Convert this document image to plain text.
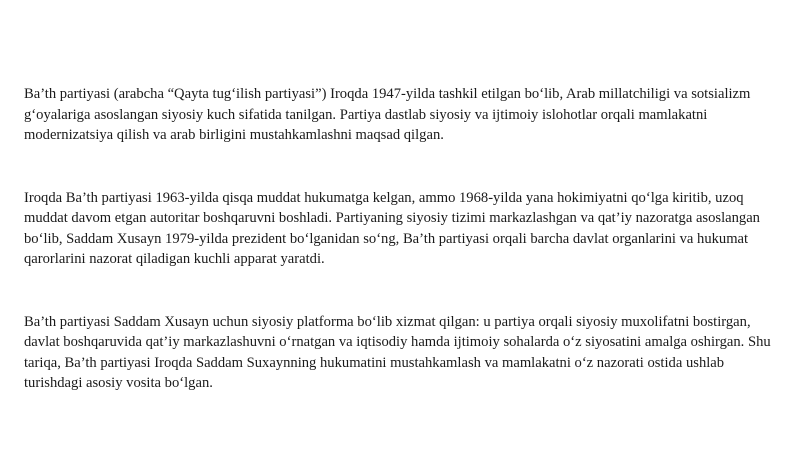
Ba’th partiyasi (arabcha “Qayta tug‘ilish partiyasi”) Iroqda 1947-yilda tashkil etilgan bo‘lib, Arab millatchiligi va sotsializm g‘oyalariga asoslangan siyosiy kuch sifatida tanilgan. Partiya dastlab siyosiy va ijtimoiy islohotlar orqali mamlakatni modernizatsiya qilish va arab birligini mustahkamlashni maqsad qilgan.

Iroqda Ba’th partiyasi 1963-yilda qisqa muddat hukumatga kelgan, ammo 1968-yilda yana hokimiyatni qo‘lga kiritib, uzoq muddat davom etgan autoritar boshqaruvni boshladi. Partiyaning siyosiy tizimi markazlashgan va qat’iy nazoratga asoslangan bo‘lib, Saddam Xusayn 1979-yilda prezident bo‘lganidan so‘ng, Ba’th partiyasi orqali barcha davlat organlarini va hukumat qarorlarini nazorat qiladigan kuchli apparat yaratdi.

Ba’th partiyasi Saddam Xusayn uchun siyosiy platforma bo‘lib xizmat qilgan: u partiya orqali siyosiy muxolifatni bostirgan, davlat boshqaruvida qat’iy markazlashuvni o‘rnatgan va iqtisodiy hamda ijtimoiy sohalarda o‘z siyosatini amalga oshirgan. Shu tariqa, Ba’th partiyasi Iroqda Saddam Suxaynning hukumatini mustahkamlash va mamlakatni o‘z nazorati ostida ushlab turishdagi asosiy vosita bo‘lgan.
